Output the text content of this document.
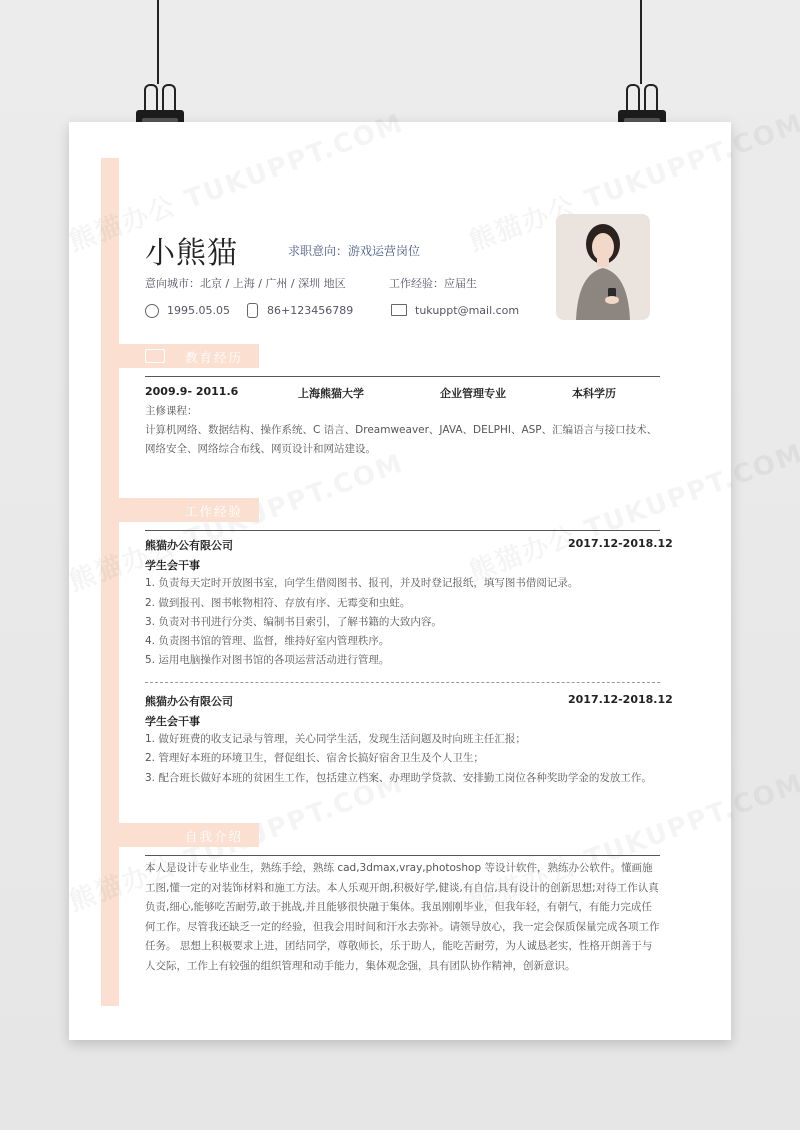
小熊猫	求职意向：游戏运营岗位
意向城市：北京 / 上海 / 广州 / 深圳 地区	工作经验：应届生
1995.05.05	86+123456789	tukuppt@mail.com
教育经历
2009.9- 2011.6	上海熊猫大学	企业管理专业	本科学历
主修课程：
计算机网络、数据结构、操作系统、C 语言、Dreamweaver、JAVA、DELPHI、ASP、汇编语言与接口技术、
网络安全、网络综合布线、网页设计和网站建设。
工作经验
熊猫办公有限公司	2017.12-2018.12
学生会干事
1. 负责每天定时开放图书室，向学生借阅图书、报刊，并及时登记报纸，填写图书借阅记录。
2. 做到报刊、图书帐物相符、存放有序、无霉变和虫蛀。
3. 负责对书刊进行分类、编制书目索引，了解书籍的大致内容。
4. 负责图书馆的管理、监督，维持好室内管理秩序。
5. 运用电脑操作对图书馆的各项运营活动进行管理。
熊猫办公有限公司	2017.12-2018.12
学生会干事
1. 做好班费的收支记录与管理，关心同学生活，发现生活问题及时向班主任汇报；
2. 管理好本班的环境卫生，督促组长、宿舍长搞好宿舍卫生及个人卫生；
3. 配合班长做好本班的贫困生工作，包括建立档案、办理助学贷款、安排勤工岗位各种奖助学金的发放工作。
自我介绍
本人是设计专业毕业生，熟练手绘，熟练 cad,3dmax,vray,photoshop 等设计软件，熟练办公软件。懂画施工图,懂一定的对装饰材料和施工方法。本人乐观开朗,积极好学,健谈,有自信,具有设计的创新思想;对待工作认真负责,细心,能够吃苦耐劳,敢于挑战,并且能够很快融于集体。我虽刚刚毕业，但我年轻，有朝气，有能力完成任何工作。尽管我还缺乏一定的经验，但我会用时间和汗水去弥补。请领导放心，我一定会保质保量完成各项工作任务。 思想上积极要求上进，团结同学，尊敬师长，乐于助人，能吃苦耐劳，为人诚恳老实，性格开朗善于与人交际，工作上有较强的组织管理和动手能力，集体观念强，具有团队协作精神，创新意识。
